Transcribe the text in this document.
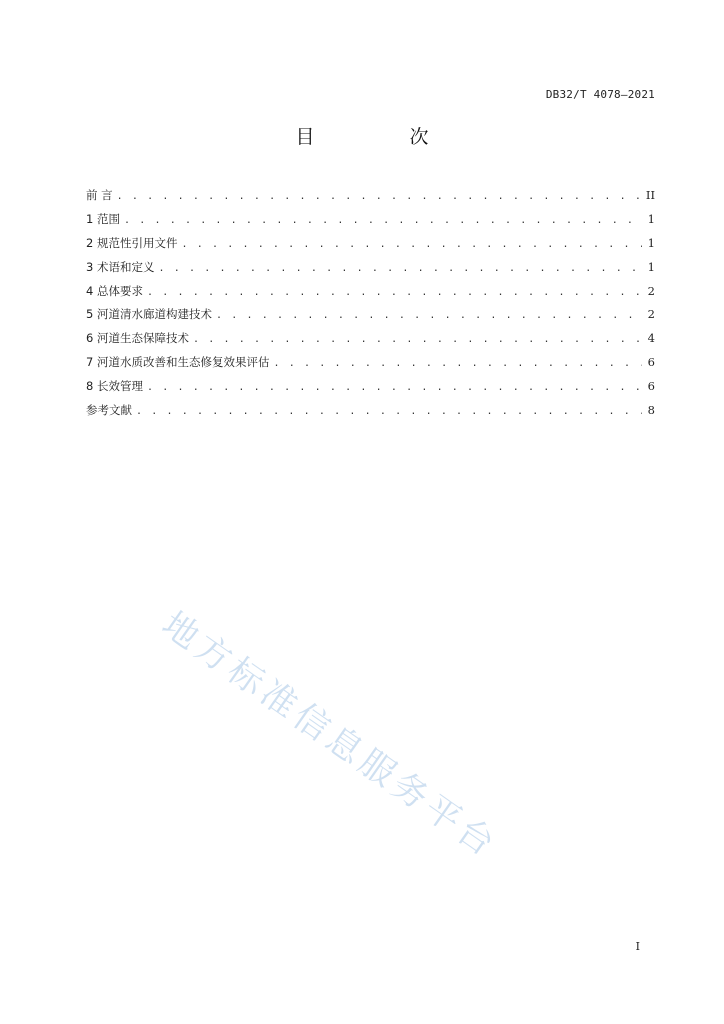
DB32/T 4078—2021
目　次
前 言 . . .	II
1 范围 . . .	1
2 规范性引用文件 . . .	1
3 术语和定义 . . .	1
4 总体要求 . . .	2
5 河道清水廊道构建技术 . . .	2
6 河道生态保障技术 . . .	4
7 河道水质改善和生态修复效果评估 . . .	6
8 长效管理 . . .	6
参考文献 . . .	8
地方标准信息服务平台
I
